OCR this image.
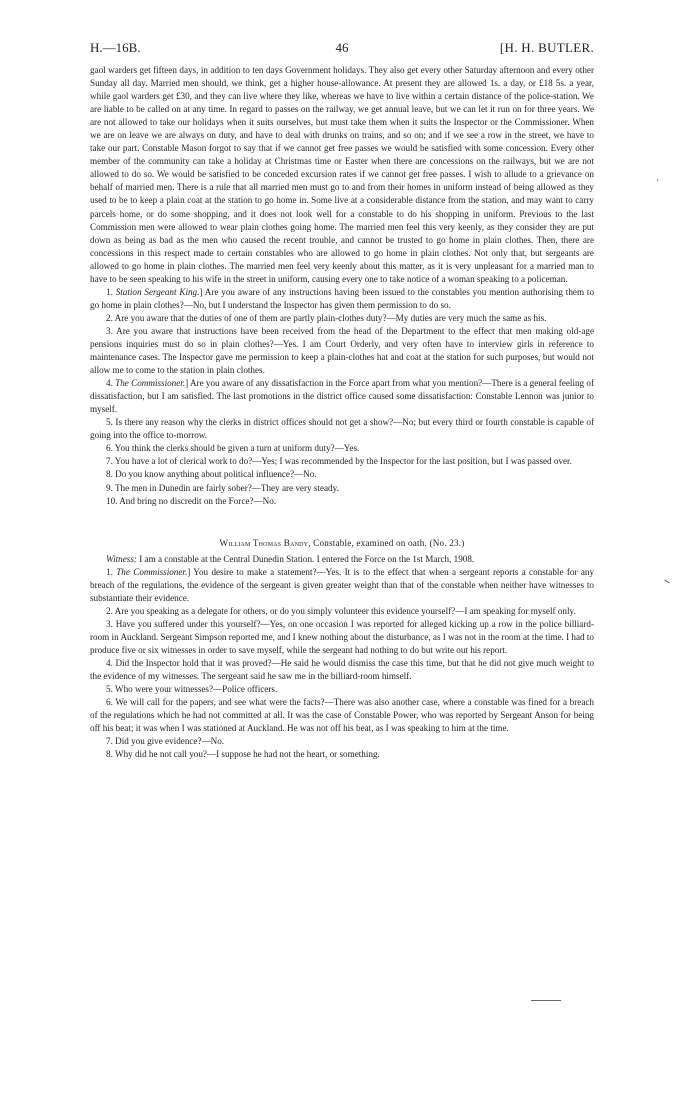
H.—16B.	46	[H. H. BUTLER.

gaol warders get fifteen days, in addition to ten days Government holidays. They also get every other Saturday afternoon and every other Sunday all day. Married men should, we think, get a higher house-allowance. At present they are allowed 1s. a day, or £18 5s. a year, while gaol warders get £30, and they can live where they like, whereas we have to live within a certain distance of the police-station. We are liable to be called on at any time. In regard to passes on the railway, we get annual leave, but we can let it run on for three years. We are not allowed to take our holidays when it suits ourselves, but must take them when it suits the Inspector or the Commissioner. When we are on leave we are always on duty, and have to deal with drunks on trains, and so on; and if we see a row in the street, we have to take our part. Constable Mason forgot to say that if we cannot get free passes we would be satisfied with some concession. Every other member of the community can take a holiday at Christmas time or Easter when there are concessions on the railways, but we are not allowed to do so. We would be satisfied to be conceded excursion rates if we cannot get free passes. I wish to allude to a grievance on behalf of married men. There is a rule that all married men must go to and from their homes in uniform instead of being allowed as they used to be to keep a plain coat at the station to go home in. Some live at a considerable distance from the station, and may want to carry parcels home, or do some shopping, and it does not look well for a constable to do his shopping in uniform. Previous to the last Commission men were allowed to wear plain clothes going home. The married men feel this very keenly, as they consider they are put down as being as bad as the men who caused the recent trouble, and cannot be trusted to go home in plain clothes. Then, there are concessions in this respect made to certain constables who are allowed to go home in plain clothes. Not only that, but sergeants are allowed to go home in plain clothes. The married men feel very keenly about this matter, as it is very unpleasant for a married man to have to be seen speaking to his wife in the street in uniform, causing every one to take notice of a woman speaking to a policeman.

1. Station Sergeant King.] Are you aware of any instructions having been issued to the constables you mention authorising them to go home in plain clothes?—No, but I understand the Inspector has given them permission to do so.

2. Are you aware that the duties of one of them are partly plain-clothes duty?—My duties are very much the same as his.

3. Are you aware that instructions have been received from the head of the Department to the effect that men making old-age pensions inquiries must do so in plain clothes?—Yes. I am Court Orderly, and very often have to interview girls in reference to maintenance cases. The Inspector gave me permission to keep a plain-clothes hat and coat at the station for such purposes, but would not allow me to come to the station in plain clothes.

4. The Commissioner.] Are you aware of any dissatisfaction in the Force apart from what you mention?—There is a general feeling of dissatisfaction, but I am satisfied. The last promotions in the district office caused some dissatisfaction: Constable Lennon was junior to myself.

5. Is there any reason why the clerks in district offices should not get a show?—No; but every third or fourth constable is capable of going into the office to-morrow.

6. You think the clerks should be given a turn at uniform duty?—Yes.

7. You have a lot of clerical work to do?—Yes; I was recommended by the Inspector for the last position, but I was passed over.

8. Do you know anything about political influence?—No.

9. The men in Dunedin are fairly sober?—They are very steady.

10. And bring no discredit on the Force?—No.

William Thomas Bandy, Constable, examined on oath. (No. 23.)

Witness: I am a constable at the Central Dunedin Station. I entered the Force on the 1st March, 1908.

1. The Commissioner.] You desire to make a statement?—Yes. It is to the effect that when a sergeant reports a constable for any breach of the regulations, the evidence of the sergeant is given greater weight than that of the constable when neither have witnesses to substantiate their evidence.

2. Are you speaking as a delegate for others, or do you simply volunteer this evidence yourself?—I am speaking for myself only.

3. Have you suffered under this yourself?—Yes, on one occasion I was reported for alleged kicking up a row in the police billiard-room in Auckland. Sergeant Simpson reported me, and I knew nothing about the disturbance, as I was not in the room at the time. I had to produce five or six witnesses in order to save myself, while the sergeant had nothing to do but write out his report.

4. Did the Inspector hold that it was proved?—He said he would dismiss the case this time, but that he did not give much weight to the evidence of my witnesses. The sergeant said he saw me in the billiard-room himself.

5. Who were your witnesses?—Police officers.

6. We will call for the papers, and see what were the facts?—There was also another case, where a constable was fined for a breach of the regulations which he had not committed at all. It was the case of Constable Power, who was reported by Sergeant Anson for being off his beat; it was when I was stationed at Auckland. He was not off his beat, as I was speaking to him at the time.

7. Did you give evidence?—No.

8. Why did he not call you?—I suppose he had not the heart, or something.

ʳ
